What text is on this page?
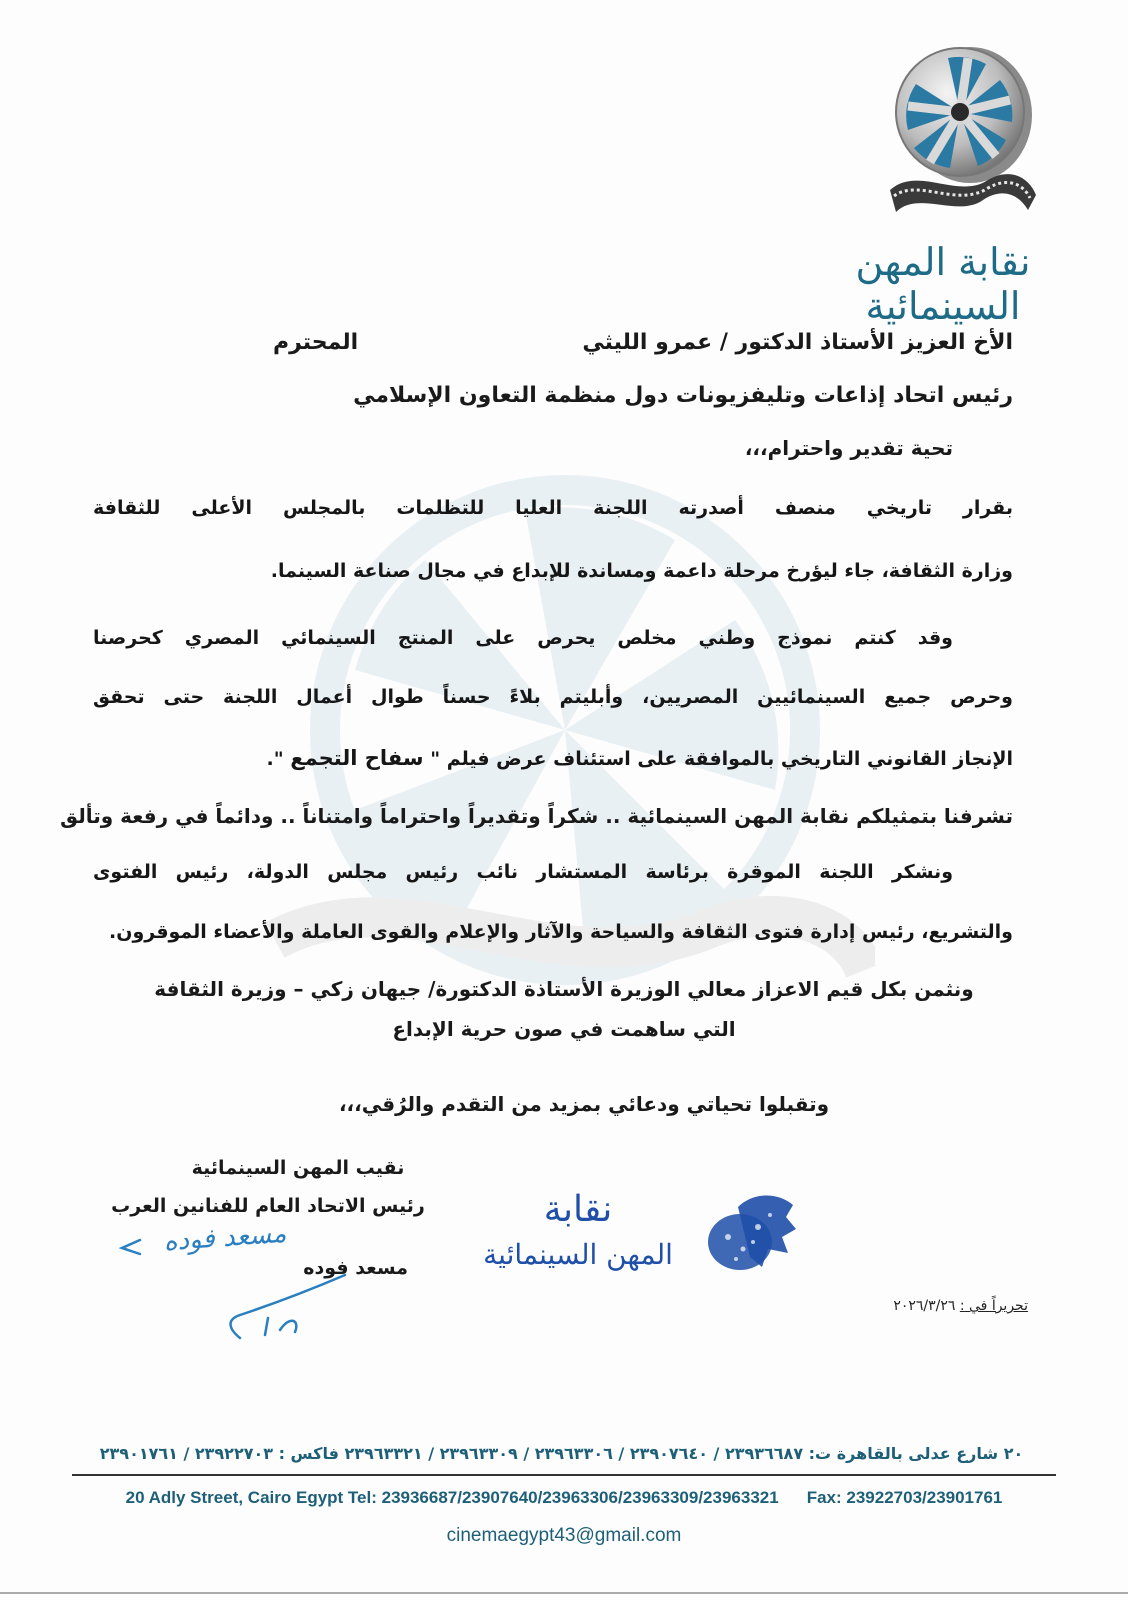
نقابة المهن السينمائية
الأخ العزيز الأستاذ الدكتور / عمرو الليثي
المحترم
رئيس اتحاد إذاعات وتليفزيونات دول منظمة التعاون الإسلامي
تحية تقدير واحترام،،،
بقرار تاريخي منصف أصدرته اللجنة العليا للتظلمات بالمجلس الأعلى للثقافة
وزارة الثقافة، جاء ليؤرخ مرحلة داعمة ومساندة للإبداع في مجال صناعة السينما.
وقد كنتم نموذج وطني مخلص يحرص على المنتج السينمائي المصري كحرصنا
وحرص جميع السينمائيين المصريين، وأبليتم بلاءً حسناً طوال أعمال اللجنة حتى تحقق
الإنجاز القانوني التاريخي بالموافقة على استئناف عرض فيلم " سفاح التجمع ".
تشرفنا بتمثيلكم نقابة المهن السينمائية .. شكراً وتقديراً واحتراماً وامتناناً .. ودائماً في رفعة وتألق
ونشكر اللجنة الموقرة برئاسة المستشار نائب رئيس مجلس الدولة، رئيس الفتوى
والتشريع، رئيس إدارة فتوى الثقافة والسياحة والآثار والإعلام والقوى العاملة والأعضاء الموقرون.
ونثمن بكل قيم الاعزاز معالي الوزيرة الأستاذة الدكتورة/ جيهان زكي – وزيرة الثقافة
التي ساهمت في صون حرية الإبداع
وتقبلوا تحياتي ودعائي بمزيد من التقدم والرُقي،،،
نقيب المهن السينمائية
رئيس الاتحاد العام للفنانين العرب
مسعد فوده
مسعد فوده
نقابة
المهن السينمائية
تحريراً في : ٢٠٢٦/٣/٢٦
٢٠ شارع عدلى بالقاهرة ت: ٢٣٩٣٦٦٨٧ / ٢٣٩٠٧٦٤٠ / ٢٣٩٦٣٣٠٦ / ٢٣٩٦٣٣٠٩ / ٢٣٩٦٣٣٢١ فاكس : ٢٣٩٢٢٧٠٣ / ٢٣٩٠١٧٦١
20 Adly Street, Cairo Egypt Tel: 23936687/23907640/23963306/23963309/23963321 Fax: 23922703/23901761
cinemaegypt43@gmail.com
